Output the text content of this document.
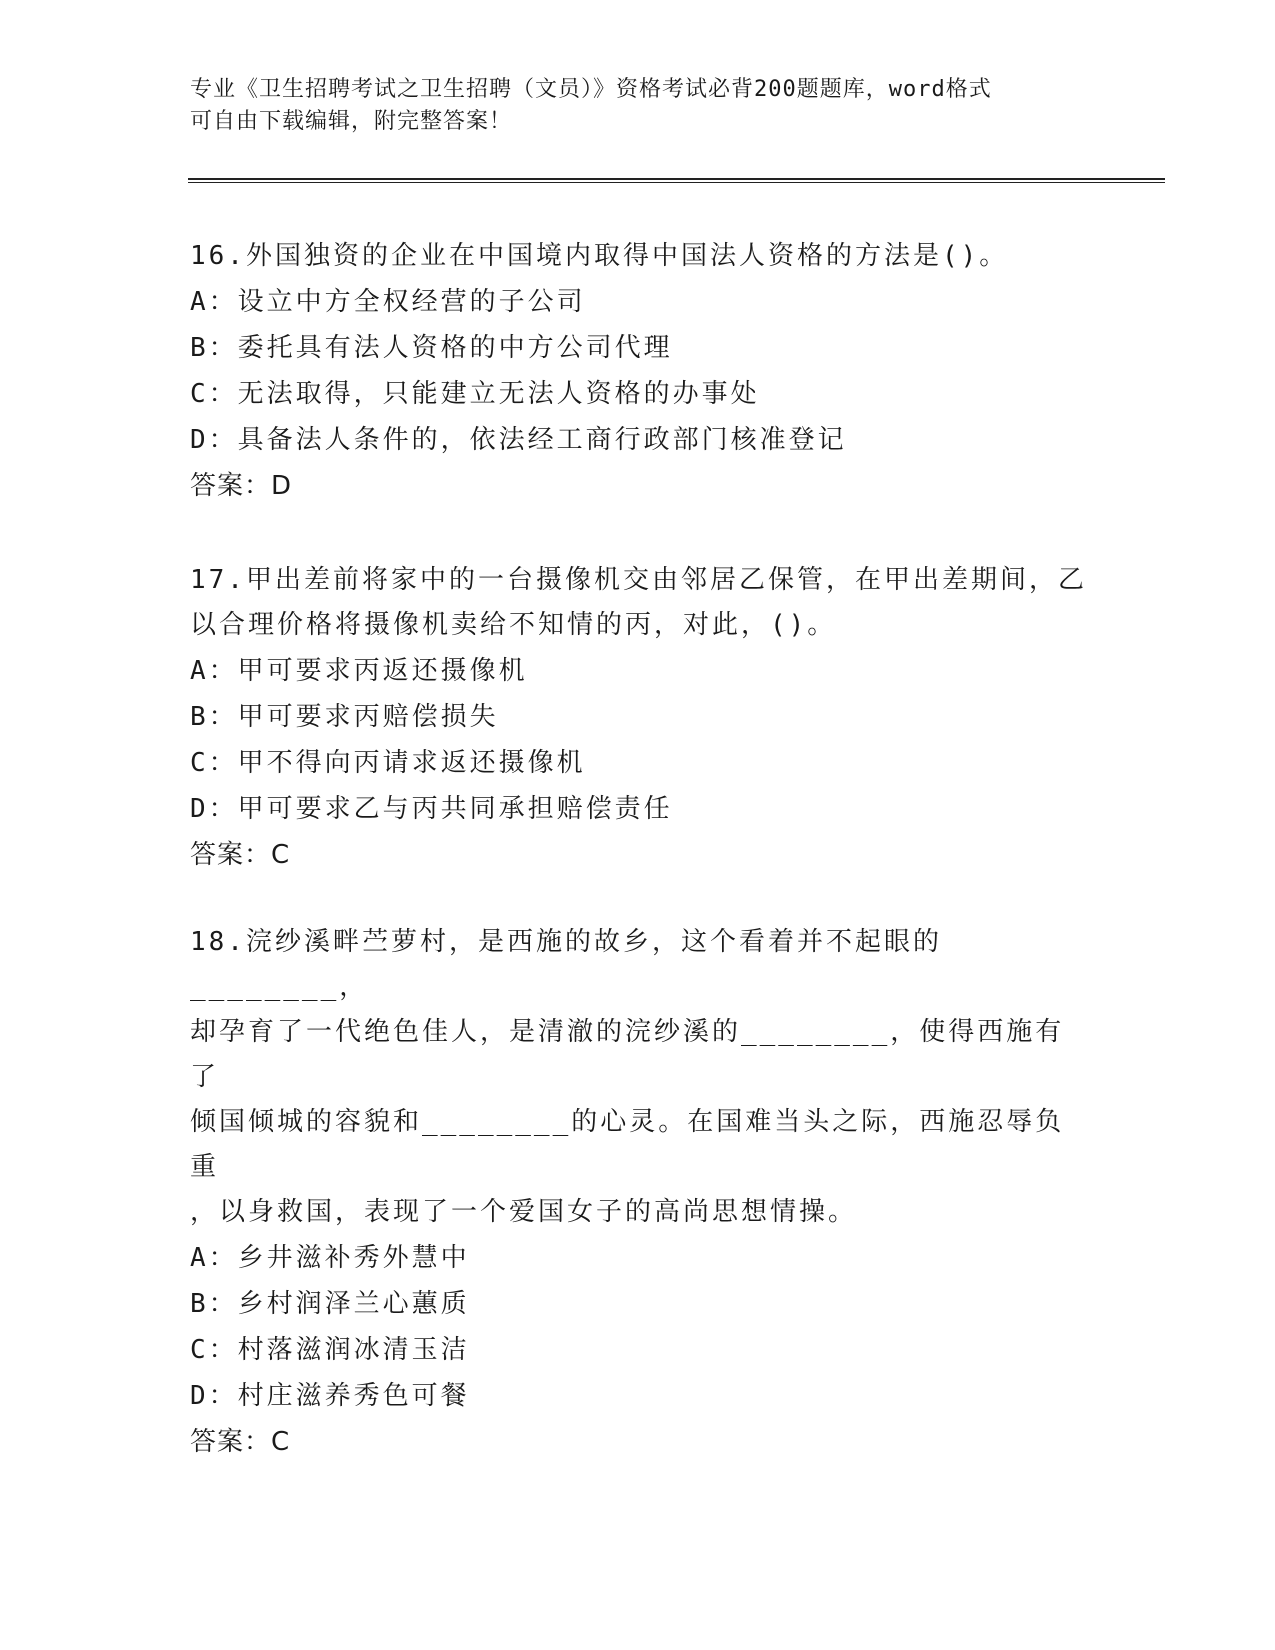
专业《卫生招聘考试之卫生招聘（文员）》资格考试必背200题题库，word格式

可自由下载编辑，附完整答案！

16.外国独资的企业在中国境内取得中国法人资格的方法是()。

A：设立中方全权经营的子公司

B：委托具有法人资格的中方公司代理

C：无法取得，只能建立无法人资格的办事处

D：具备法人条件的，依法经工商行政部门核准登记

答案：D

17.甲出差前将家中的一台摄像机交由邻居乙保管，在甲出差期间，乙

以合理价格将摄像机卖给不知情的丙，对此，()。

A：甲可要求丙返还摄像机

B：甲可要求丙赔偿损失

C：甲不得向丙请求返还摄像机

D：甲可要求乙与丙共同承担赔偿责任

答案：C

18.浣纱溪畔苎萝村，是西施的故乡，这个看着并不起眼的________，

却孕育了一代绝色佳人，是清澈的浣纱溪的________，使得西施有了

倾国倾城的容貌和________的心灵。在国难当头之际，西施忍辱负重

，以身救国，表现了一个爱国女子的高尚思想情操。

A：乡井滋补秀外慧中

B：乡村润泽兰心蕙质

C：村落滋润冰清玉洁

D：村庄滋养秀色可餐

答案：C
